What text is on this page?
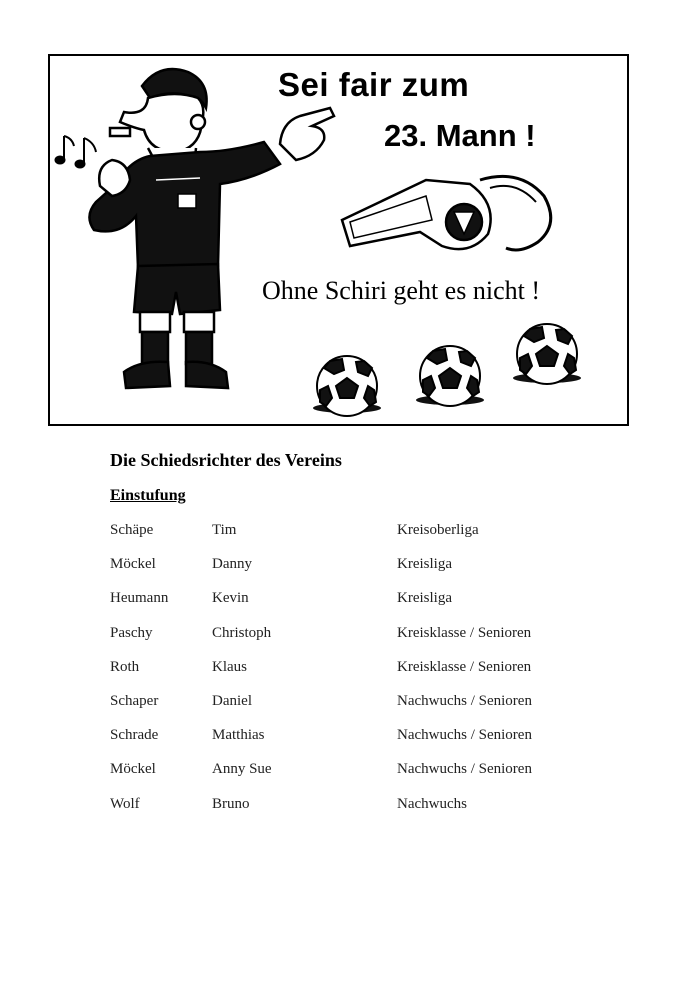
Sei fair zum
23. Mann !
Ohne Schiri geht es nicht !
Die Schiedsrichter des Vereins
Einstufung
Schäpe	Tim	Kreisoberliga
Möckel	Danny	Kreisliga
Heumann	Kevin	Kreisliga
Paschy	Christoph	Kreisklasse / Senioren
Roth	Klaus	Kreisklasse / Senioren
Schaper	Daniel	Nachwuchs / Senioren
Schrade	Matthias	Nachwuchs / Senioren
Möckel	Anny Sue	Nachwuchs / Senioren
Wolf	Bruno	Nachwuchs
